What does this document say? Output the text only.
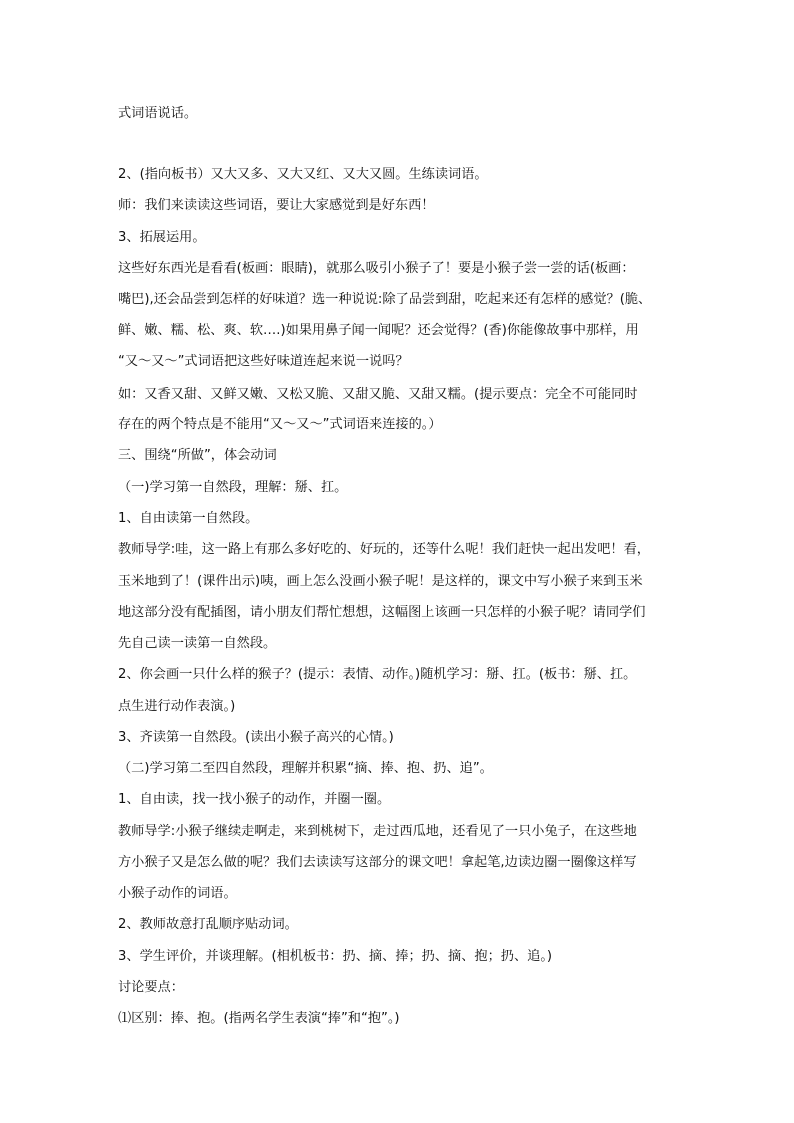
式词语说话。
2、(指向板书）又大又多、又大又红、又大又圆。生练读词语。
师：我们来读读这些词语，要让大家感觉到是好东西！
3、拓展运用。
这些好东西光是看看(板画：眼睛)，就那么吸引小猴子了！要是小猴子尝一尝的话(板画：
嘴巴),还会品尝到怎样的好味道？选一种说说:除了品尝到甜，吃起来还有怎样的感觉？(脆、
鲜、嫩、糯、松、爽、软….)如果用鼻子闻一闻呢？还会觉得？(香)你能像故事中那样，用
“又～又～”式词语把这些好味道连起来说一说吗？
如：又香又甜、又鲜又嫩、又松又脆、又甜又脆、又甜又糯。(提示要点：完全不可能同时
存在的两个特点是不能用“又～又～”式词语来连接的。）
三、围绕“所做”，体会动词
（一)学习第一自然段，理解：掰、扛。
1、自由读第一自然段。
教师导学:哇，这一路上有那么多好吃的、好玩的，还等什么呢！我们赶快一起出发吧！看，
玉米地到了！(课件出示)咦，画上怎么没画小猴子呢！是这样的，课文中写小猴子来到玉米
地这部分没有配插图，请小朋友们帮忙想想，这幅图上该画一只怎样的小猴子呢？请同学们
先自己读一读第一自然段。
2、你会画一只什么样的猴子？(提示：表情、动作。)随机学习：掰、扛。(板书：掰、扛。
点生进行动作表演。)
3、齐读第一自然段。(读出小猴子高兴的心情。)
（二)学习第二至四自然段，理解并积累“摘、捧、抱、扔、追”。
1、自由读，找一找小猴子的动作，并圈一圈。
教师导学:小猴子继续走啊走，来到桃树下，走过西瓜地，还看见了一只小兔子，在这些地
方小猴子又是怎么做的呢？我们去读读写这部分的课文吧！拿起笔,边读边圈一圈像这样写
小猴子动作的词语。
2、教师故意打乱顺序贴动词。
3、学生评价，并谈理解。(相机板书：扔、摘、捧；扔、摘、抱；扔、追。)
讨论要点：
⑴区别：捧、抱。(指两名学生表演“捧”和“抱”。)
